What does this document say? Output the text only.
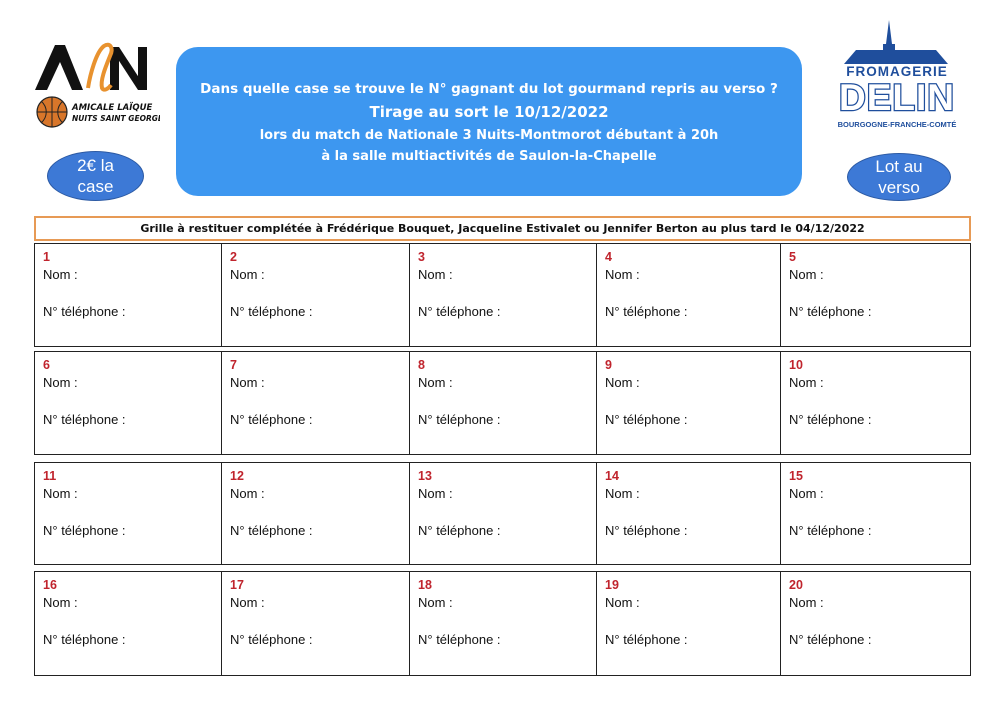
AMICALE LAÏQUE
NUITS SAINT GEORGES
FROMAGERIE
DELIN
BOURGOGNE-FRANCHE-COMTÉ
Dans quelle case se trouve le N° gagnant du lot gourmand repris au verso ?
Tirage au sort le 10/12/2022
lors du match de Nationale 3 Nuits-Montmorot débutant à 20h
à la salle multiactivités de Saulon-la-Chapelle
2€ la
case
Lot au
verso
Grille à restituer complétée à Frédérique Bouquet, Jacqueline Estivalet ou Jennifer Berton au plus tard le 04/12/2022
1
Nom :
N° téléphone :
2
Nom :
N° téléphone :
3
Nom :
N° téléphone :
4
Nom :
N° téléphone :
5
Nom :
N° téléphone :
6
Nom :
N° téléphone :
7
Nom :
N° téléphone :
8
Nom :
N° téléphone :
9
Nom :
N° téléphone :
10
Nom :
N° téléphone :
11
Nom :
N° téléphone :
12
Nom :
N° téléphone :
13
Nom :
N° téléphone :
14
Nom :
N° téléphone :
15
Nom :
N° téléphone :
16
Nom :
N° téléphone :
17
Nom :
N° téléphone :
18
Nom :
N° téléphone :
19
Nom :
N° téléphone :
20
Nom :
N° téléphone :
